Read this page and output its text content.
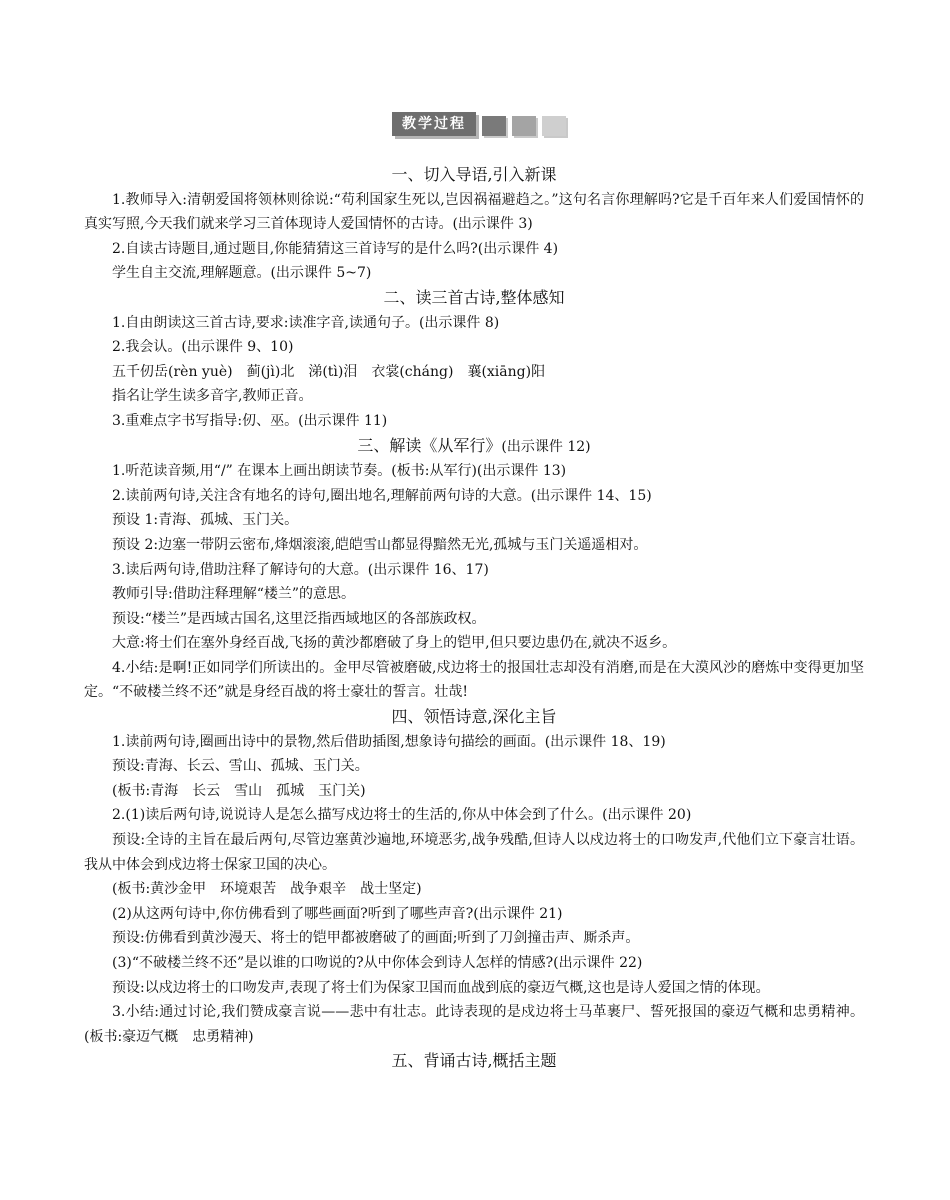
教学过程
一、切入导语,引入新课

1.教师导入:清朝爱国将领林则徐说:“苟利国家生死以,岂因祸福避趋之。”这句名言你理解吗?它是千百年来人们爱国情怀的真实写照,今天我们就来学习三首体现诗人爱国情怀的古诗。(出示课件 3)

2.自读古诗题目,通过题目,你能猜猜这三首诗写的是什么吗?(出示课件 4)

学生自主交流,理解题意。(出示课件 5~7)

二、读三首古诗,整体感知

1.自由朗读这三首古诗,要求:读准字音,读通句子。(出示课件 8)

2.我会认。(出示课件 9、10)

五千仞岳(rèn yuè)　蓟(jì)北　涕(tì)泪　衣裳(cháng)　襄(xiāng)阳

指名让学生读多音字,教师正音。

3.重难点字书写指导:仞、巫。(出示课件 11)

三、解读《从军行》(出示课件 12)

1.听范读音频,用“/” 在课本上画出朗读节奏。(板书:从军行)(出示课件 13)

2.读前两句诗,关注含有地名的诗句,圈出地名,理解前两句诗的大意。(出示课件 14、15)

预设 1:青海、孤城、玉门关。

预设 2:边塞一带阴云密布,烽烟滚滚,皑皑雪山都显得黯然无光,孤城与玉门关遥遥相对。

3.读后两句诗,借助注释了解诗句的大意。(出示课件 16、17)

教师引导:借助注释理解“楼兰”的意思。

预设:“楼兰”是西域古国名,这里泛指西域地区的各部族政权。

大意:将士们在塞外身经百战,飞扬的黄沙都磨破了身上的铠甲,但只要边患仍在,就决不返乡。

4.小结:是啊!正如同学们所读出的。金甲尽管被磨破,戍边将士的报国壮志却没有消磨,而是在大漠风沙的磨炼中变得更加坚定。“不破楼兰终不还”就是身经百战的将士豪壮的誓言。壮哉!

四、领悟诗意,深化主旨

1.读前两句诗,圈画出诗中的景物,然后借助插图,想象诗句描绘的画面。(出示课件 18、19)

预设:青海、长云、雪山、孤城、玉门关。

(板书:青海　长云　雪山　孤城　玉门关)

2.(1)读后两句诗,说说诗人是怎么描写戍边将士的生活的,你从中体会到了什么。(出示课件 20)

预设:全诗的主旨在最后两句,尽管边塞黄沙遍地,环境恶劣,战争残酷,但诗人以戍边将士的口吻发声,代他们立下豪言壮语。我从中体会到戍边将士保家卫国的决心。

(板书:黄沙金甲　环境艰苦　战争艰辛　战士坚定)

(2)从这两句诗中,你仿佛看到了哪些画面?听到了哪些声音?(出示课件 21)

预设:仿佛看到黄沙漫天、将士的铠甲都被磨破了的画面;听到了刀剑撞击声、厮杀声。

(3)“不破楼兰终不还”是以谁的口吻说的?从中你体会到诗人怎样的情感?(出示课件 22)

预设:以戍边将士的口吻发声,表现了将士们为保家卫国而血战到底的豪迈气概,这也是诗人爱国之情的体现。

3.小结:通过讨论,我们赞成豪言说——悲中有壮志。此诗表现的是戍边将士马革裹尸、誓死报国的豪迈气概和忠勇精神。(板书:豪迈气概　忠勇精神)

五、背诵古诗,概括主题
